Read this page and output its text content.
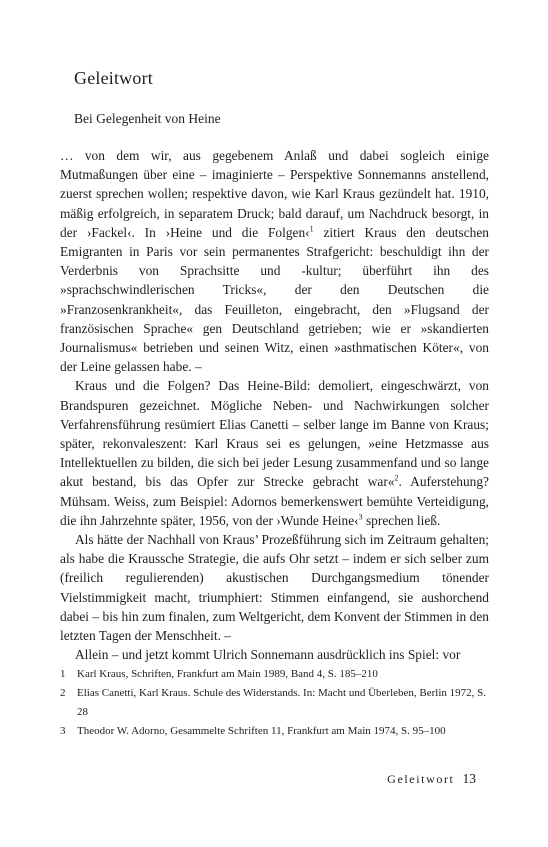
Geleitwort
Bei Gelegenheit von Heine

… von dem wir, aus gegebenem Anlaß und dabei sogleich einige Mutmaßungen über eine – imaginierte – Perspektive Sonnemanns anstellend, zuerst sprechen wollen; respektive davon, wie Karl Kraus gezündelt hat. 1910, mäßig erfolgreich, in separatem Druck; bald darauf, um Nachdruck besorgt, in der ›Fackel‹. In ›Heine und die Folgen‹$^1$ zitiert Kraus den deutschen Emigranten in Paris vor sein permanentes Strafgericht: beschuldigt ihn der Verderbnis von Sprachsitte und -kultur; überführt ihn des »sprachschwindlerischen Tricks«, der den Deutschen die »Franzosenkrankheit«, das Feuilleton, eingebracht, den »Flugsand der französischen Sprache« gen Deutschland getrieben; wie er »skandierten Journalismus« betrieben und seinen Witz, einen »asthmatischen Köter«, von der Leine gelassen habe. –

Kraus und die Folgen? Das Heine-Bild: demoliert, eingeschwärzt, von Brandspuren gezeichnet. Mögliche Neben- und Nachwirkungen solcher Verfahrensführung resümiert Elias Canetti – selber lange im Banne von Kraus; später, rekonvaleszent: Karl Kraus sei es gelungen, »eine Hetzmasse aus Intellektuellen zu bilden, die sich bei jeder Lesung zusammenfand und so lange akut bestand, bis das Opfer zur Strecke gebracht war«$^2$. Auferstehung? Mühsam. Weiss, zum Beispiel: Adornos bemerkenswert bemühte Verteidigung, die ihn Jahrzehnte später, 1956, von der ›Wunde Heine‹$^3$ sprechen ließ.

Als hätte der Nachhall von Kraus’ Prozeßführung sich im Zeitraum gehalten; als habe die Kraussche Strategie, die aufs Ohr setzt – indem er sich selber zum (freilich regulierenden) akustischen Durchgangsmedium tönender Vielstimmigkeit macht, triumphiert: Stimmen einfangend, sie aushorchend dabei – bis hin zum finalen, zum Weltgericht, dem Konvent der Stimmen in den letzten Tagen der Menschheit. –

Allein – und jetzt kommt Ulrich Sonnemann ausdrücklich ins Spiel: vor

1	Karl Kraus, Schriften, Frankfurt am Main 1989, Band 4, S. 185–210
2	Elias Canetti, Karl Kraus. Schule des Widerstands. In: Macht und Überleben, Berlin 1972, S. 28
3	Theodor W. Adorno, Gesammelte Schriften 11, Frankfurt am Main 1974, S. 95–100
Geleitwort 13
